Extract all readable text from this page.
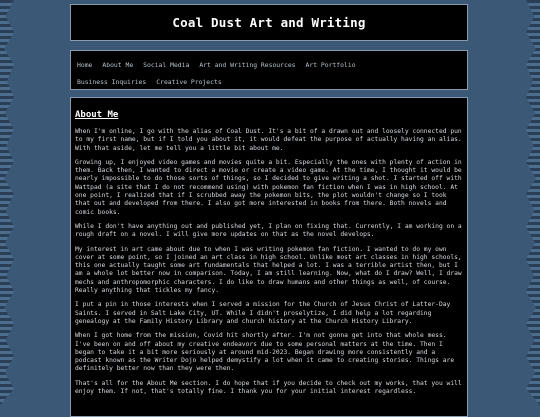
Coal Dust Art and Writing
Home About Me Social Media Art and Writing Resources Art Portfolio
Business Inquiries Creative Projects
About Me

When I'm online, I go with the alias of Coal Dust. It's a bit of a drawn out and loosely connected pun to my first name, but if I told you about it, it would defeat the purpose of actually having an alias. With that aside, let me tell you a little bit about me.

Growing up, I enjoyed video games and movies quite a bit. Especially the ones with plenty of action in them. Back then, I wanted to direct a movie or create a video game. At the time, I thought it would be nearly impossible to do those sorts of things, so I decided to give writing a shot. I started off with Wattpad (a site that I do not recommend using) with pokemon fan fiction when I was in high school. At one point, I realized that if I scrubbed away the pokemon bits, the plot wouldn't change so I took that out and developed from there. I also got more interested in books from there. Both novels and comic books.

While I don't have anything out and published yet, I plan on fixing that. Currently, I am working on a rough draft on a novel. I will give more updates on that as the novel develops.

My interest in art came about due to when I was writing pokemon fan fiction. I wanted to do my own cover at some point, so I joined an art class in high school. Unlike most art classes in high schools, this one actually taught some art fundamentals that helped a lot. I was a terrible artist then, but I am a whole lot better now in comparison. Today, I am still learning. Now, what do I draw? Well, I draw mechs and anthropomorphic characters. I do like to draw humans and other things as well, of course. Really anything that tickles my fancy.

I put a pin in those interests when I served a mission for the Church of Jesus Christ of Latter-Day Saints. I served in Salt Lake City, UT. While I didn't proselytize, I did help a lot regarding genealogy at the Family History Library and church history at the Church History Library.

When I got home from the mission, Covid hit shortly after. I'm not gonna get into that whole mess. I've been on and off about my creative endeavors due to some personal matters at the time. Then I began to take it a bit more seriously at around mid-2023. Began drawing more consistently and a podcast known as the Writer Dojo helped demystify a lot when it came to creating stories. Things are definitely better now than they were then.

That's all for the About Me section. I do hope that if you decide to check out my works, that you will enjoy them. If not, that's totally fine. I thank you for your initial interest regardless.
